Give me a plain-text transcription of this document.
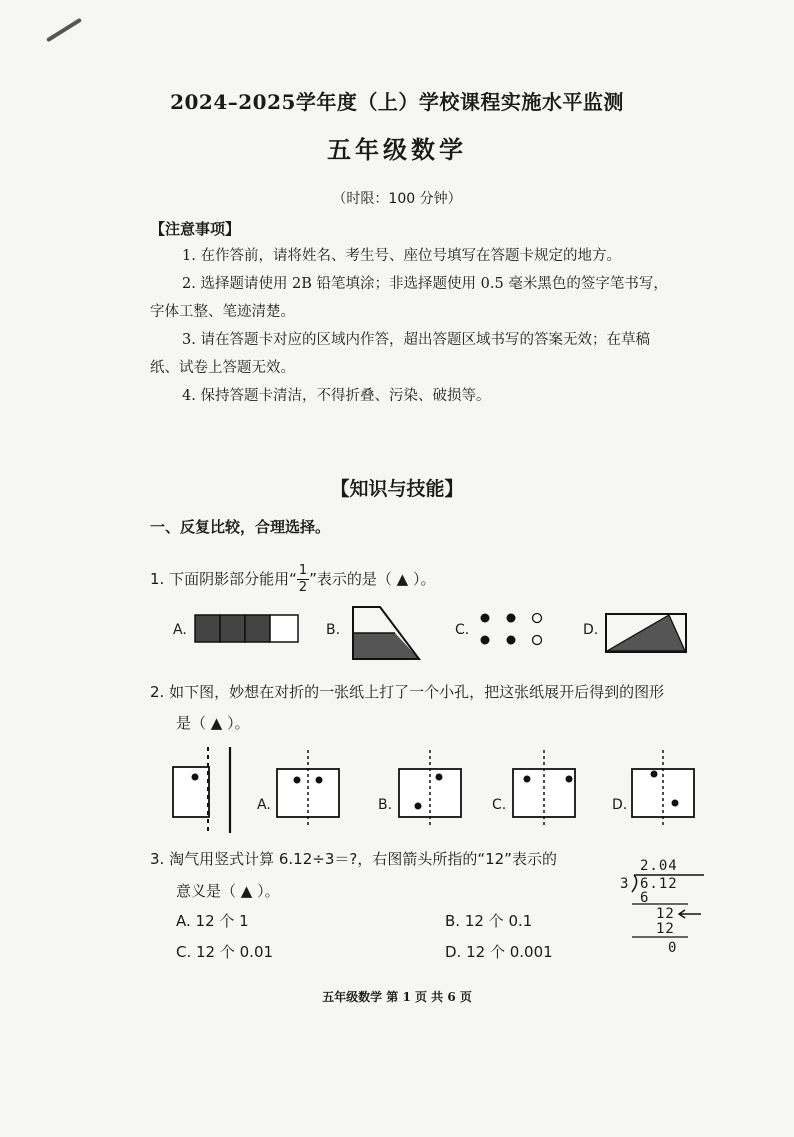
2024–2025学年度（上）学校课程实施水平监测
五年级数学
（时限：100 分钟）
【注意事项】
1. 在作答前，请将姓名、考生号、座位号填写在答题卡规定的地方。
2. 选择题请使用 2B 铅笔填涂；非选择题使用 0.5 毫米黑色的签字笔书写，
字体工整、笔迹清楚。
3. 请在答题卡对应的区域内作答，超出答题区域书写的答案无效；在草稿
纸、试卷上答题无效。
4. 保持答题卡清洁，不得折叠、污染、破损等。
【知识与技能】
一、反复比较，合理选择。
1. 下面阴影部分能用“ $\frac{1}{2}$ ”表示的是（ ▲ ）。
A.	B.	C.	D.
2. 如下图，妙想在对折的一张纸上打了一个小孔，把这张纸展开后得到的图形
是（ ▲ ）。
A.	B.	C.	D.
3. 淘气用竖式计算 6.12÷3＝?，右图箭头所指的“12”表示的
意义是（ ▲ ）。
A. 12 个 1	B. 12 个 0.1
C. 12 个 0.01	D. 12 个 0.001
2.04
3 6.12
6
12
12
0
五年级数学 第 1 页 共 6 页
